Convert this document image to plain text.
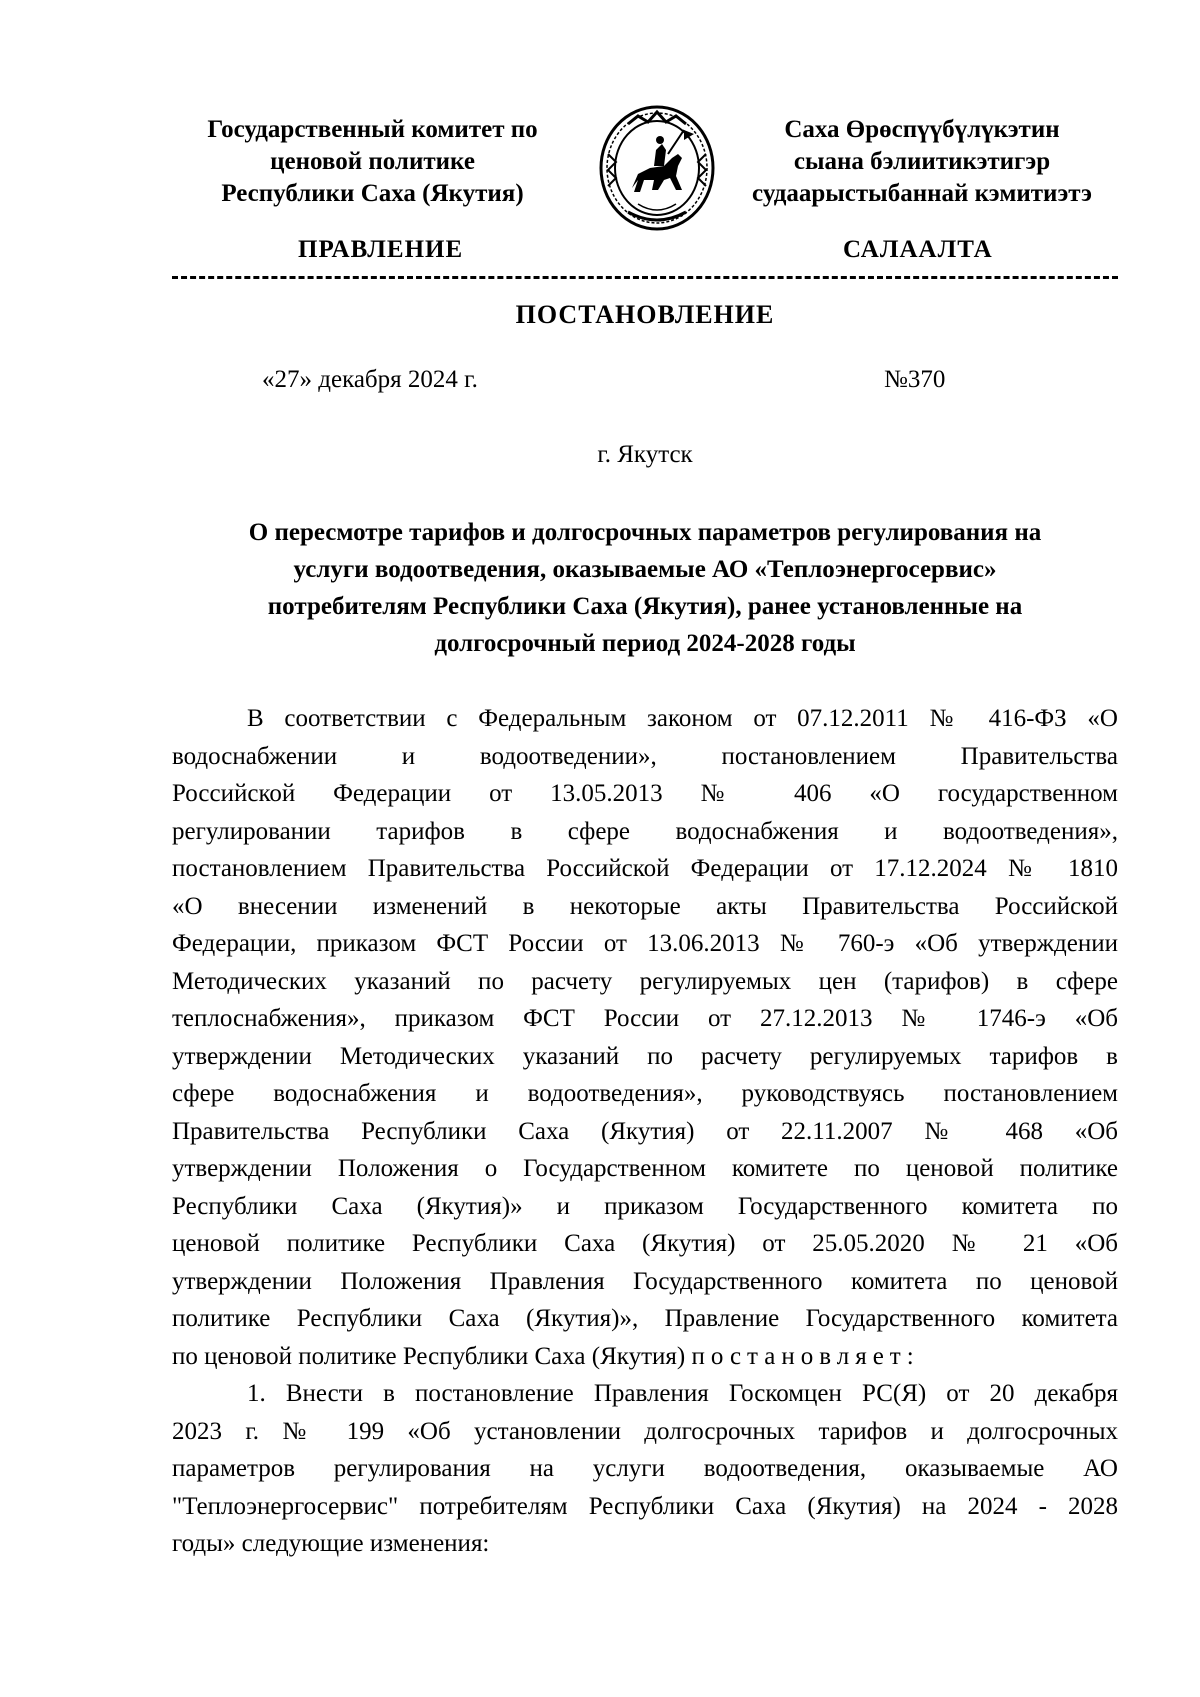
Государственный комитет по
ценовой политике
Республики Саха (Якутия)
Саха Өрөспүүбүлүкэтин
сыана бэлиитикэтигэр
судаарыстыбаннай кэмитиэтэ
ПРАВЛЕНИЕ	САЛААЛТА
ПОСТАНОВЛЕНИЕ
«27» декабря 2024 г.	№370
г. Якутск
О пересмотре тарифов и долгосрочных параметров регулирования на
услуги водоотведения, оказываемые АО «Теплоэнергосервис»
потребителям Республики Саха (Якутия), ранее установленные на
долгосрочный период 2024-2028 годы
В соответствии с Федеральным законом от 07.12.2011 № 416-ФЗ «О
водоснабжении и водоотведении», постановлением Правительства
Российской Федерации от 13.05.2013 № 406 «О государственном
регулировании тарифов в сфере водоснабжения и водоотведения»,
постановлением Правительства Российской Федерации от 17.12.2024 № 1810
«О внесении изменений в некоторые акты Правительства Российской
Федерации, приказом ФСТ России от 13.06.2013 № 760-э «Об утверждении
Методических указаний по расчету регулируемых цен (тарифов) в сфере
теплоснабжения», приказом ФСТ России от 27.12.2013 № 1746-э «Об
утверждении Методических указаний по расчету регулируемых тарифов в
сфере водоснабжения и водоотведения», руководствуясь постановлением
Правительства Республики Саха (Якутия) от 22.11.2007 № 468 «Об
утверждении Положения о Государственном комитете по ценовой политике
Республики Саха (Якутия)» и приказом Государственного комитета по
ценовой политике Республики Саха (Якутия) от 25.05.2020 № 21 «Об
утверждении Положения Правления Государственного комитета по ценовой
политике Республики Саха (Якутия)», Правление Государственного комитета
по ценовой политике Республики Саха (Якутия) постановляет:
1. Внести в постановление Правления Госкомцен РС(Я) от 20 декабря
2023 г. № 199 «Об установлении долгосрочных тарифов и долгосрочных
параметров регулирования на услуги водоотведения, оказываемые АО
"Теплоэнергосервис" потребителям Республики Саха (Якутия) на 2024 - 2028
годы» следующие изменения:
